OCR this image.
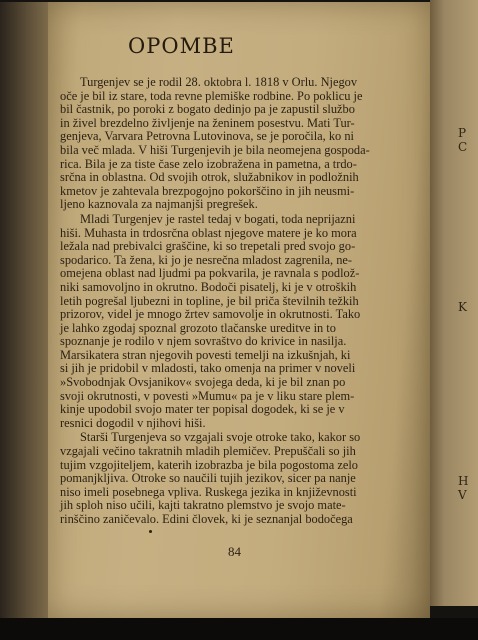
OPOMBE

Turgenjev se je rodil 28. oktobra l. 1818 v Orlu. Njegov
oče je bil iz stare, toda revne plemiške rodbine. Po poklicu je
bil častnik, po poroki z bogato dedinjo pa je zapustil službo
in živel brezdelno življenje na ženinem posestvu. Mati Tur-
genjeva, Varvara Petrovna Lutovinova, se je poročila, ko ni
bila več mlada. V hiši Turgenjevih je bila neomejena gospoda-
rica. Bila je za tiste čase zelo izobražena in pametna, a trdo-
srčna in oblastna. Od svojih otrok, služabnikov in podložnih
kmetov je zahtevala brezpogojno pokorščino in jih neusmi-
ljeno kaznovala za najmanjši pregrešek.

Mladi Turgenjev je rastel tedaj v bogati, toda neprijazni
hiši. Muhasta in trdosrčna oblast njegove matere je ko mora
ležala nad prebivalci graščine, ki so trepetali pred svojo go-
spodarico. Ta žena, ki jo je nesrečna mladost zagrenila, ne-
omejena oblast nad ljudmi pa pokvarila, je ravnala s podlož-
niki samovoljno in okrutno. Bodoči pisatelj, ki je v otroških
letih pogrešal ljubezni in topline, je bil priča številnih težkih
prizorov, videl je mnogo žrtev samovolje in okrutnosti. Tako
je lahko zgodaj spoznal grozoto tlačanske ureditve in to
spoznanje je rodilo v njem sovraštvo do krivice in nasilja.
Marsikatera stran njegovih povesti temelji na izkušnjah, ki
si jih je pridobil v mladosti, tako omenja na primer v noveli
»Svobodnjak Ovsjanikov« svojega deda, ki je bil znan po
svoji okrutnosti, v povesti »Mumu« pa je v liku stare plem-
kinje upodobil svojo mater ter popisal dogodek, ki se je v
resnici dogodil v njihovi hiši.

Starši Turgenjeva so vzgajali svoje otroke tako, kakor so
vzgajali večino takratnih mladih plemičev. Prepuščali so jih
tujim vzgojiteljem, katerih izobrazba je bila pogostoma zelo
pomanjkljiva. Otroke so naučili tujih jezikov, sicer pa nanje
niso imeli posebnega vpliva. Ruskega jezika in književnosti
jih sploh niso učili, kajti takratno plemstvo je svojo mate-
rinščino zaničevalo. Edini človek, ki je seznanjal bodočega

84
P
C
K
H
V
